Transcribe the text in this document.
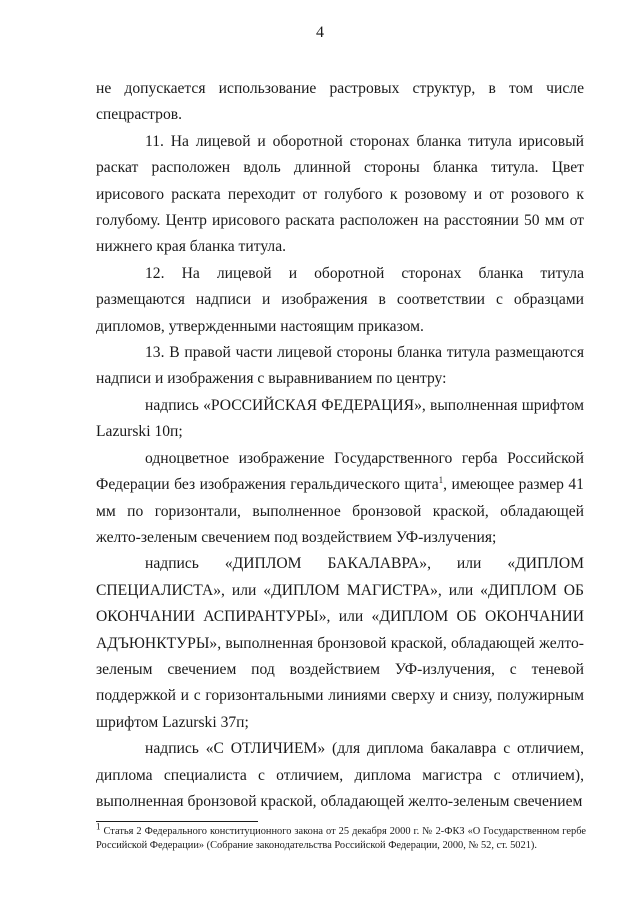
4

не допускается использование растровых структур, в том числе спецрастров.

11. На лицевой и оборотной сторонах бланка титула ирисовый раскат расположен вдоль длинной стороны бланка титула. Цвет ирисового раската переходит от голубого к розовому и от розового к голубому. Центр ирисового раската расположен на расстоянии 50 мм от нижнего края бланка титула.

12. На лицевой и оборотной сторонах бланка титула размещаются надписи и изображения в соответствии с образцами дипломов, утвержденными настоящим приказом.

13. В правой части лицевой стороны бланка титула размещаются надписи и изображения с выравниванием по центру:

надпись «РОССИЙСКАЯ ФЕДЕРАЦИЯ», выполненная шрифтом Lazurski 10п;

одноцветное изображение Государственного герба Российской Федерации без изображения геральдического щита$^1$, имеющее размер 41 мм по горизонтали, выполненное бронзовой краской, обладающей желто-зеленым свечением под воздействием УФ-излучения;

надпись «ДИПЛОМ БАКАЛАВРА», или «ДИПЛОМ СПЕЦИАЛИСТА», или «ДИПЛОМ МАГИСТРА», или «ДИПЛОМ ОБ ОКОНЧАНИИ АСПИРАНТУРЫ», или «ДИПЛОМ ОБ ОКОНЧАНИИ АДЪЮНКТУРЫ», выполненная бронзовой краской, обладающей желто-зеленым свечением под воздействием УФ-излучения, с теневой поддержкой и с горизонтальными линиями сверху и снизу, полужирным шрифтом Lazurski 37п;

надпись «С ОТЛИЧИЕМ» (для диплома бакалавра с отличием, диплома специалиста с отличием, диплома магистра с отличием), выполненная бронзовой краской, обладающей желто-зеленым свечением

1 Статья 2 Федерального конституционного закона от 25 декабря 2000 г. № 2-ФКЗ «О Государственном гербе Российской Федерации» (Собрание законодательства Российской Федерации, 2000, № 52, ст. 5021).
